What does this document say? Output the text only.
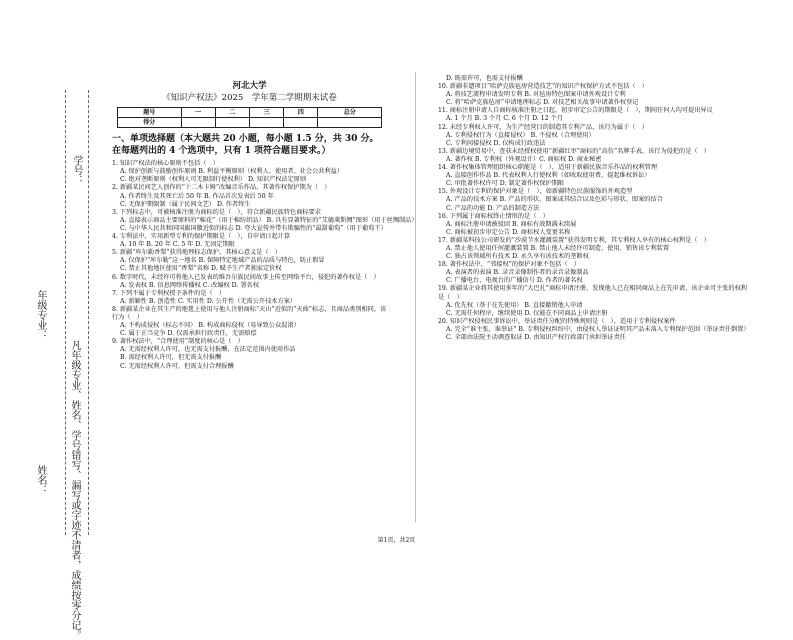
学号：
凡年级专业、姓名、学号错写、漏写或字迹不清者，成绩按零分记。
年级专业：
姓名：
河北大学
《知识产权法》2025　学年第二学期期末试卷
题号	一	二	三	四	总分
得分					
一、单项选择题（本大题共 20 小题，每小题 1.5 分，共 30 分。在每题列出的 4 个选项中，只有 1 项符合题目要求。）
1. 知识产权法的核心原则不包括（　）
A. 保护创新与鼓励创作原则 B. 利益平衡原则（权利人、使用者、社会公共利益）
C. 绝对垄断原则（权利人可无限制行使权利） D. 知识产权法定原则
2. 新疆某民间艺人创作的“十二木卡姆”改编音乐作品，其著作权保护期为（　）
A. 作者终生及其死亡后 50 年 B. 作品首次发表后 50 年
C. 无保护期限制（属于民间文艺） D. 作者终生
3. 下列标志中，可被核准注册为商标的是（　），符合新疆民族特色商标要求
A. 直接表示商品主要原料的“棉花”（用于棉纺织品） B. 具有显著特征的“艾德莱斯绸”图形（用于丝绸制品）
C. 与中华人民共和国国旗国徽近似的标志 D. 夸大宣传并带有欺骗性的“最甜葡萄”（用于葡萄干）
4. 专利法中，实用新型专利的保护期限是（　），自申请日起计算
A. 10 年 B. 20 年 C. 5 年 D. 无固定期限
5. 新疆“库尔勒香梨”获得地理标志保护，其核心意义是（　）
A. 仅保护“库尔勒”这一地名 B. 保障特定地域产品的品质与特色，防止假冒
C. 禁止其他地区使用“香梨”名称 D. 赋予生产者独家定价权
6. 数字时代，未经许可将他人已发表的维吾尔族民间故事上传至网络平台，侵犯的著作权是（　）
A. 发表权 B. 信息网络传播权 C. 改编权 D. 署名权
7. 下列不属于专利权授予条件的是（　）
A. 新颖性 B. 创造性 C. 实用性 D. 公开性（无需公开技术方案）
8. 新疆某企业在其生产的地毯上使用与他人注册商标“天山”近似的“天曲”标志，且商品类别相同，该行为（　）
A. 不构成侵权（标志不同） B. 构成商标侵权（易导致公众混淆）
C. 属于正当竞争 D. 仅需承担行政责任，无需赔偿
9. 著作权法中，“合理使用”制度的核心是（　）
A. 无需经权利人许可，也无需支付报酬，在法定范围内使用作品
B. 需经权利人许可，但无需支付报酬
C. 无需经权利人许可，但需支付合理报酬
D. 既需许可，也需支付报酬
10. 新疆非遗项目“哈萨克族毡房营造技艺”的知识产权保护方式不包括（　）
A. 将技艺流程申请发明专利 B. 对毡房特色图案申请外观设计专利
C. 将“哈萨克族毡房”申请地理标志 D. 对技艺相关故事申请著作权登记
11. 商标注册申请人自商标核准注册之日起，初步审定公告的期限是（　），期间任何人均可提出异议
A. 1 个月 B. 3 个月 C. 6 个月 D. 12 个月
12. 未经专利权人许可，为生产经营目的制造其专利产品，该行为属于（　）
A. 专利侵权行为（直接侵权） B. 不侵权（合理使用）
C. 专利间接侵权 D. 仅构成行政违法
13. 新疆边境贸易中，查获未经授权使用“新疆红枣”商标的“高仿”名牌手表，该行为侵犯的是（　）
A. 著作权 B. 专利权（外观设计）C. 商标权 D. 商业秘密
14. 著作权集体管理组织核心职能是（　），适用于新疆民族音乐作品的权利管理
A. 直接创作作品 B. 代表权利人行使权利（如收取使用费、提起维权诉讼）
C. 审批著作权许可 D. 制定著作权保护期限
15. 外观设计专利的保护对象是（　），如新疆特色民族服饰的外观造型
A. 产品的技术方案 B. 产品的形状、图案或其结合以及色彩与形状、图案的结合
C. 产品的功能 D. 产品的制造方法
16. 下列属于商标权终止情形的是（　）
A. 商标注册申请被驳回 B. 商标有效期满未续展
C. 商标被初步审定公告 D. 商标权人变更名称
17. 新疆某科技公司研发的“沙漠节水灌溉装置”获得发明专利，其专利权人享有的核心权利是（　）
A. 禁止他人使用任何灌溉装置 B. 禁止他人未经许可制造、使用、销售该专利装置
C. 独占该领域所有技术 D. 永久享有该技术的垄断权
18. 著作权法中，“邻接权”的保护对象不包括（　）
A. 表演者的表演 B. 录音录像制作者的录音录像制品
C. 广播电台、电视台的广播信号 D. 作者的著名权
19. 新疆某企业将其使用多年的“大巴扎”商标申请注册，发现他人已在相同商品上在先申请，该企业可主张的权利是（　）
A. 优先权（基于在先使用） B. 直接撤销他人申请
C. 无需任何程序，继续使用 D. 仅能在不同商品上申请注册
20. 知识产权侵权民事诉讼中，举证责任分配的特殊规则是（　），适用于专利侵权案件
A. 完全“谁主张，谁举证” B. 专利侵权纠纷中，由侵权人举证证明其产品未落入专利保护范围（举证责任倒置）
C. 全部由法院主动调查取证 D. 由知识产权行政部门承担举证责任
第1页，共2页
